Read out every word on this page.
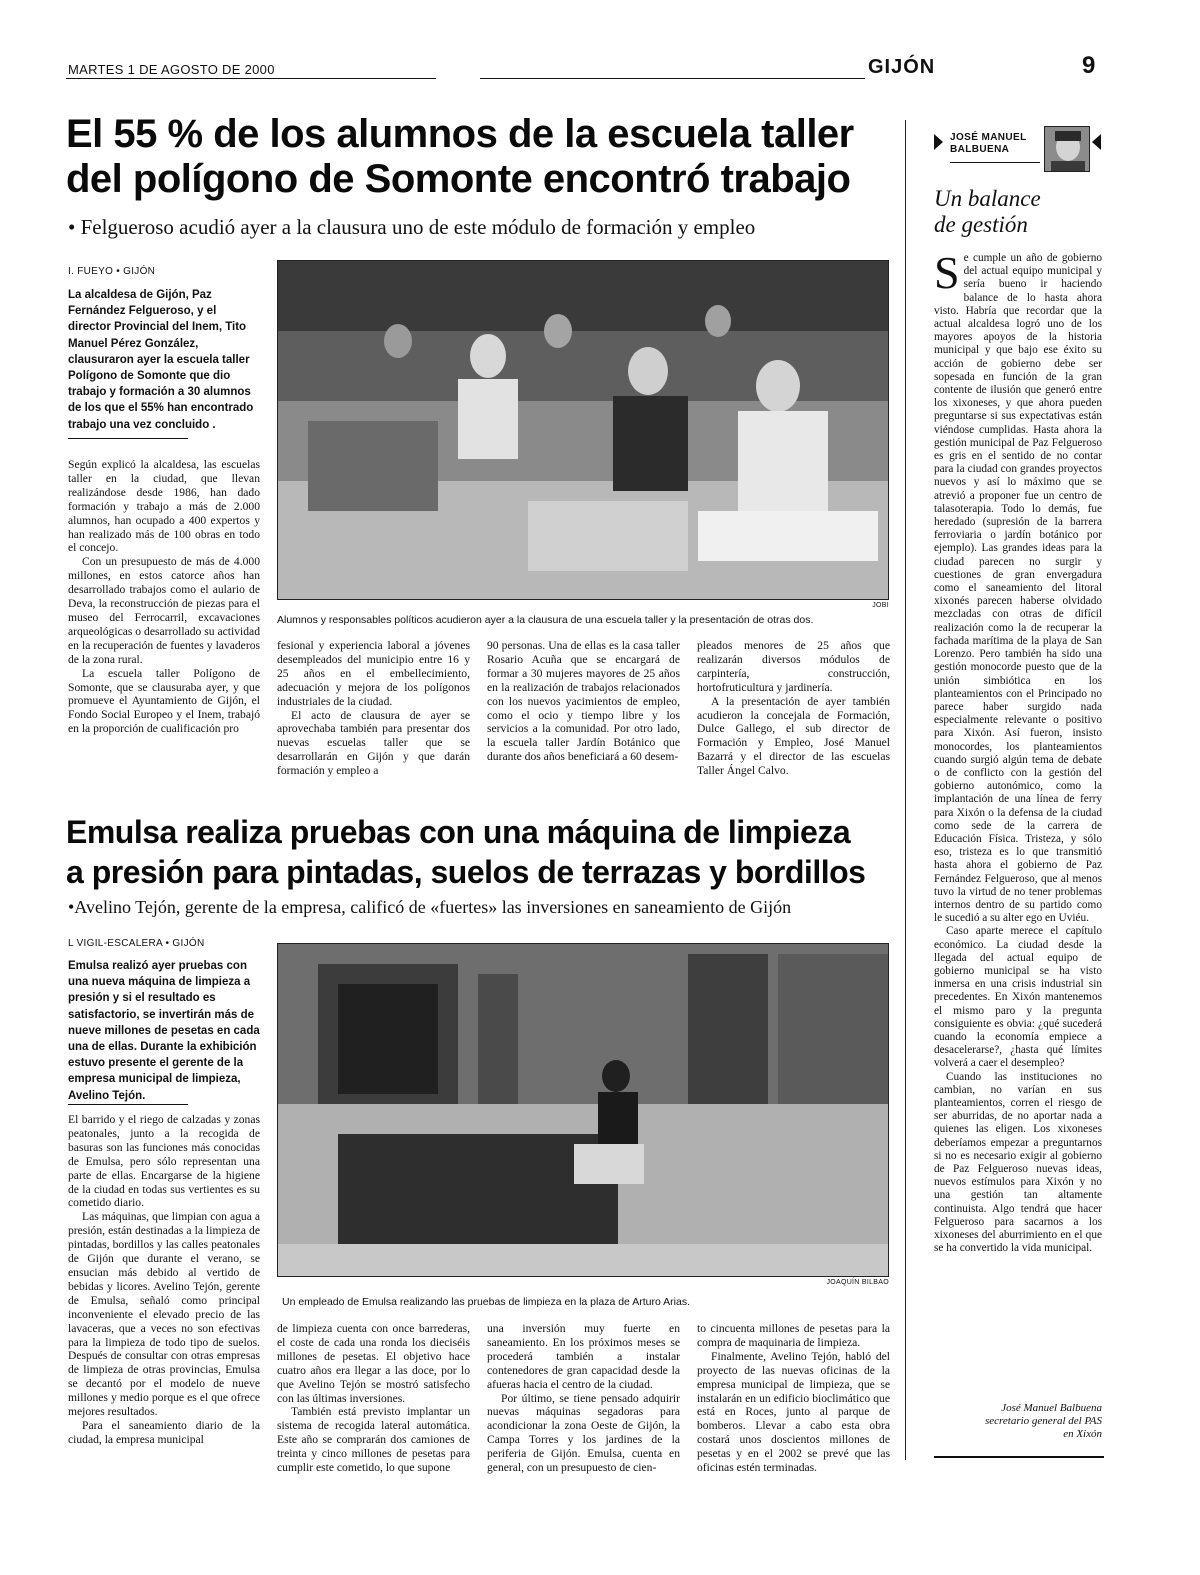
MARTES 1 DE AGOSTO DE 2000	GIJÓN	9
El 55 % de los alumnos de la escuela taller
del polígono de Somonte encontró trabajo
• Felgueroso acudió ayer a la clausura uno de este módulo de formación y empleo
I. FUEYO • GIJÓN
La alcaldesa de Gijón, Paz Fernández Felgueroso, y el director Provincial del Inem, Tito Manuel Pérez González, clausuraron ayer la escuela taller Polígono de Somonte que dio trabajo y formación a 30 alumnos de los que el 55% han encontrado trabajo una vez concluido .
JOBI
Alumnos y responsables políticos acudieron ayer a la clausura de una escuela taller y la presentación de otras dos.

Según explicó la alcaldesa, las escuelas taller en la ciudad, que llevan realizándose desde 1986, han dado formación y trabajo a más de 2.000 alumnos, han ocupado a 400 expertos y han realizado más de 100 obras en todo el concejo.

Con un presupuesto de más de 4.000 millones, en estos catorce años han desarrollado trabajos como el aulario de Deva, la reconstrucción de piezas para el museo del Ferrocarril, excavaciones arqueológicas o desarrollado su actividad en la recuperación de fuentes y lavaderos de la zona rural.

La escuela taller Polígono de Somonte, que se clausuraba ayer, y que promueve el Ayuntamiento de Gijón, el Fondo Social Europeo y el Inem, trabajó en la proporción de cualificación pro

fesional y experiencia laboral a jóvenes desempleados del municipio entre 16 y 25 años en el embellecimiento, adecuación y mejora de los polígonos industriales de la ciudad.

El acto de clausura de ayer se aprovechaba también para presentar dos nuevas escuelas taller que se desarrollarán en Gijón y que darán formación y empleo a

90 personas. Una de ellas es la casa taller Rosario Acuña que se encargará de formar a 30 mujeres mayores de 25 años en la realización de trabajos relacionados con los nuevos yacimientos de empleo, como el ocio y tiempo libre y los servicios a la comunidad. Por otro lado, la escuela taller Jardín Botánico que durante dos años beneficiará a 60 desem-

pleados menores de 25 años que realizarán diversos módulos de carpintería, construcción, hortofruticultura y jardinería.

A la presentación de ayer también acudieron la concejala de Formación, Dulce Gallego, el sub director de Formación y Empleo, José Manuel Bazarrá y el director de las escuelas Taller Ángel Calvo.

Emulsa realiza pruebas con una máquina de limpieza
a presión para pintadas, suelos de terrazas y bordillos
•Avelino Tejón, gerente de la empresa, calificó de «fuertes» las inversiones en saneamiento de Gijón
L VIGIL-ESCALERA • GIJÓN
Emulsa realizó ayer pruebas con una nueva máquina de limpieza a presión y si el resultado es satisfactorio, se invertirán más de nueve millones de pesetas en cada una de ellas. Durante la exhibición estuvo presente el gerente de la empresa municipal de limpieza, Avelino Tejón.
JOAQUÍN BILBAO
Un empleado de Emulsa realizando las pruebas de limpieza en la plaza de Arturo Arias.

El barrido y el riego de calzadas y zonas peatonales, junto a la recogida de basuras son las funciones más conocidas de Emulsa, pero sólo representan una parte de ellas. Encargarse de la higiene de la ciudad en todas sus vertientes es su cometido diario.

Las máquinas, que limpian con agua a presión, están destinadas a la limpieza de pintadas, bordillos y las calles peatonales de Gijón que durante el verano, se ensucian más debido al vertido de bebidas y licores. Avelino Tejón, gerente de Emulsa, señaló como principal inconveniente el elevado precio de las lavaceras, que a veces no son efectivas para la limpieza de todo tipo de suelos. Después de consultar con otras empresas de limpieza de otras provincias, Emulsa se decantó por el modelo de nueve millones y medio porque es el que ofrece mejores resultados.

Para el saneamiento diario de la ciudad, la empresa municipal

de limpieza cuenta con once barrederas, el coste de cada una ronda los dieciséis millones de pesetas. El objetivo hace cuatro años era llegar a las doce, por lo que Avelino Tejón se mostró satisfecho con las últimas inversiones.

También está previsto implantar un sistema de recogida lateral automática. Este año se comprarán dos camiones de treinta y cinco millones de pesetas para cumplir este cometido, lo que supone

una inversión muy fuerte en saneamiento. En los próximos meses se procederá también a instalar contenedores de gran capacidad desde la afueras hacia el centro de la ciudad.

Por último, se tiene pensado adquirir nuevas máquinas segadoras para acondicionar la zona Oeste de Gijón, la Campa Torres y los jardines de la periferia de Gijón. Emulsa, cuenta en general, con un presupuesto de cien-

to cincuenta millones de pesetas para la compra de maquinaria de limpieza.

Finalmente, Avelino Tejón, habló del proyecto de las nuevas oficinas de la empresa municipal de limpieza, que se instalarán en un edificio bioclimático que está en Roces, junto al parque de bomberos. Llevar a cabo esta obra costará unos doscientos millones de pesetas y en el 2002 se prevé que las oficinas estén terminadas.

JOSÉ MANUEL
BALBUENA
Un balance
de gestión

Se cumple un año de gobierno del actual equipo municipal y sería bueno ir haciendo balance de lo hasta ahora visto. Habría que recordar que la actual alcaldesa logró uno de los mayores apoyos de la historia municipal y que bajo ese éxito su acción de gobierno debe ser sopesada en función de la gran contente de ilusión que generó entre los xixoneses, y que ahora pueden preguntarse si sus expectativas están viéndose cumplidas. Hasta ahora la gestión municipal de Paz Felgueroso es gris en el sentido de no contar para la ciudad con grandes proyectos nuevos y así lo máximo que se atrevió a proponer fue un centro de talasoterapia. Todo lo demás, fue heredado (supresión de la barrera ferroviaria o jardín botánico por ejemplo). Las grandes ideas para la ciudad parecen no surgir y cuestiones de gran envergadura como el saneamiento del litoral xixonés parecen haberse olvidado mezcladas con otras de difícil realización como la de recuperar la fachada marítima de la playa de San Lorenzo. Pero también ha sido una gestión monocorde puesto que de la unión simbiótica en los planteamientos con el Principado no parece haber surgido nada especialmente relevante o positivo para Xixón. Así fueron, insisto monocordes, los planteamientos cuando surgió algún tema de debate o de conflicto con la gestión del gobierno autonómico, como la implantación de una línea de ferry para Xixón o la defensa de la ciudad como sede de la carrera de Educación Física. Tristeza, y sólo eso, tristeza es lo que transmitió hasta ahora el gobierno de Paz Fernández Felgueroso, que al menos tuvo la virtud de no tener problemas internos dentro de su partido como le sucedió a su alter ego en Uviéu.

Caso aparte merece el capítulo económico. La ciudad desde la llegada del actual equipo de gobierno municipal se ha visto inmersa en una crisis industrial sin precedentes. En Xixón mantenemos el mismo paro y la pregunta consiguiente es obvia: ¿qué sucederá cuando la economía empiece a desacelerarse?, ¿hasta qué límites volverá a caer el desempleo?

Cuando las instituciones no cambian, no varían en sus planteamientos, corren el riesgo de ser aburridas, de no aportar nada a quienes las eligen. Los xixoneses deberíamos empezar a preguntarnos si no es necesario exigir al gobierno de Paz Felgueroso nuevas ideas, nuevos estímulos para Xixón y no una gestión tan altamente continuista. Algo tendrá que hacer Felgueroso para sacarnos a los xixoneses del aburrimiento en el que se ha convertido la vida municipal.

José Manuel Balbuena
secretario general del PAS
en Xixón
